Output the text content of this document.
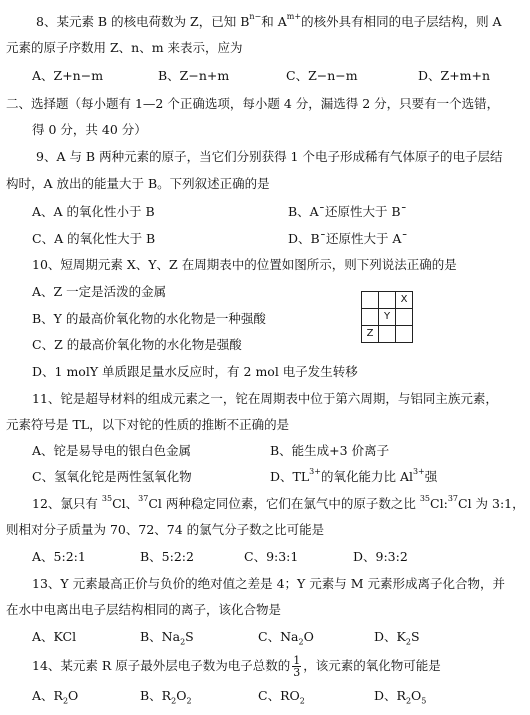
8、某元素 B 的核电荷数为 Z，已知 $B^{n-}$和 $A^{m+}$的核外具有相同的电子层结构，则 A
元素的原子序数用 Z、n、m 来表示，应为
A、Z+n−m	B、Z−n+m	C、Z−n−m	D、Z+m+n
二、选择题（每小题有 1—2 个正确选项，每小题 4 分，漏选得 2 分，只要有一个选错，
得 0 分，共 40 分）
9、A 与 B 两种元素的原子，当它们分别获得 1 个电子形成稀有气体原子的电子层结
构时，A 放出的能量大于 B。下列叙述正确的是
A、A 的氧化性小于 B	B、A¯还原性大于 B¯
C、A 的氧化性大于 B	D、B¯还原性大于 A¯
10、短周期元素 X、Y、Z 在周期表中的位置如图所示，则下列说法正确的是
A、Z 一定是活泼的金属
B、Y 的最高价氧化物的水化物是一种强酸
C、Z 的最高价氧化物的水化物是强酸
D、1 molY 单质跟足量水反应时，有 2 mol 电子发生转移
		X
	Y	
Z		
11、铊是超导材料的组成元素之一，铊在周期表中位于第六周期，与铝同主族元素，
元素符号是 TL，以下对铊的性质的推断不正确的是
A、铊是易导电的银白色金属	B、能生成+3 价离子
C、氢氧化铊是两性氢氧化物	D、$TL^{3+}$的氧化能力比 $Al^{3+}$强
12、氯只有 $^{35}$Cl、$^{37}$Cl 两种稳定同位素，它们在氯气中的原子数之比 $^{35}$Cl:$^{37}$Cl 为 3:1，
则相对分子质量为 70、72、74 的氯气分子数之比可能是
A、5:2:1	B、5:2:2	C、9:3:1	D、9:3:2
13、Y 元素最高正价与负价的绝对值之差是 4；Y 元素与 M 元素形成离子化合物，并
在水中电离出电子层结构相同的离子，该化合物是
A、KCl	B、$Na_2S$	C、$Na_2O$	D、$K_2S$
14、某元素 R 原子最外层电子数为电子总数的 $\frac{1}{3}$ ，该元素的氧化物可能是
A、$R_2O$	B、$R_2O_2$	C、$RO_2$	D、$R_2O_5$
